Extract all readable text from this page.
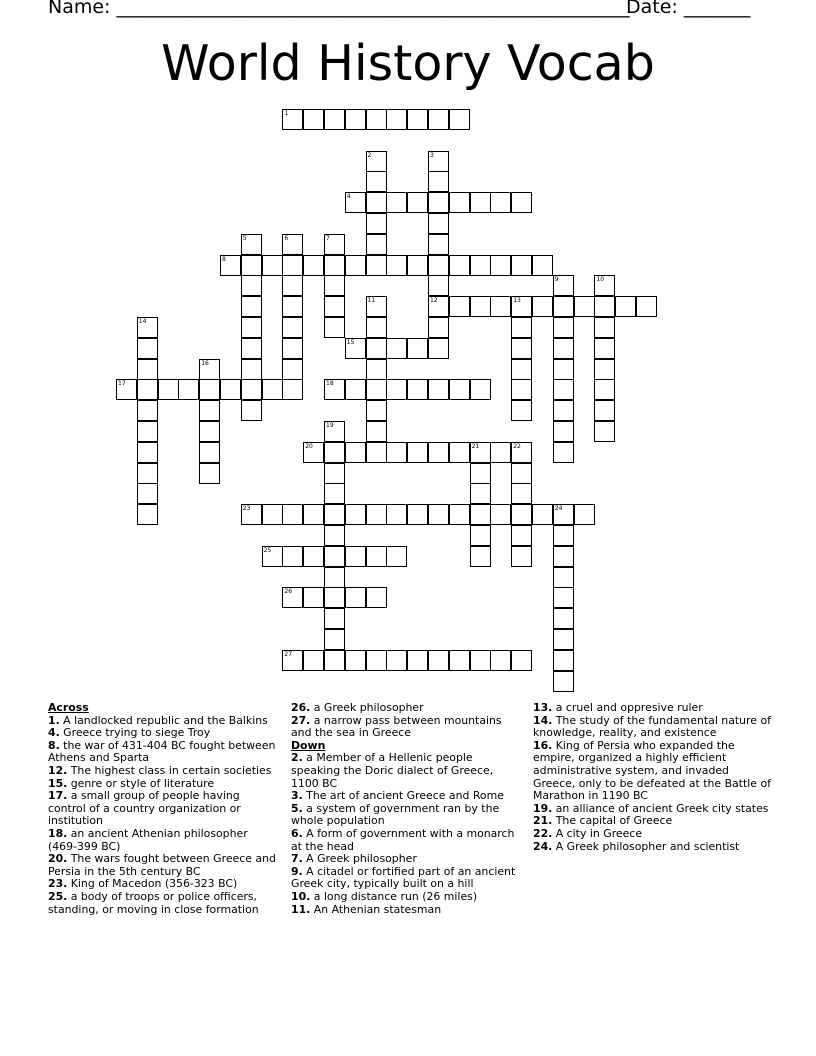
Name: ______________________________________________________
Date: _______
World History Vocab
1
4
8
12	13
15
17	18
20	21	22
23	24
25
26
27
2	3
5	6	7
9	10
11
14
16
19
Across
1. A landlocked republic and the Balkins
4. Greece trying to siege Troy
8. the war of 431-404 BC fought between Athens and Sparta
12. The highest class in certain societies
15. genre or style of literature
17. a small group of people having control of a country organization or institution
18. an ancient Athenian philosopher (469-399 BC)
20. The wars fought between Greece and Persia in the 5th century BC
23. King of Macedon (356-323 BC)
25. a body of troops or police officers, standing, or moving in close formation
26. a Greek philosopher
27. a narrow pass between mountains and the sea in Greece
Down
2. a Member of a Hellenic people speaking the Doric dialect of Greece, 1100 BC
3. The art of ancient Greece and Rome
5. a system of government ran by the whole population
6. A form of government with a monarch at the head
7. A Greek philosopher
9. A citadel or fortified part of an ancient Greek city, typically built on a hill
10. a long distance run (26 miles)
11. An Athenian statesman
13. a cruel and oppresive ruler
14. The study of the fundamental nature of knowledge, reality, and existence
16. King of Persia who expanded the empire, organized a highly efficient administrative system, and invaded Greece, only to be defeated at the Battle of Marathon in 1190 BC
19. an alliance of ancient Greek city states
21. The capital of Greece
22. A city in Greece
24. A Greek philosopher and scientist
